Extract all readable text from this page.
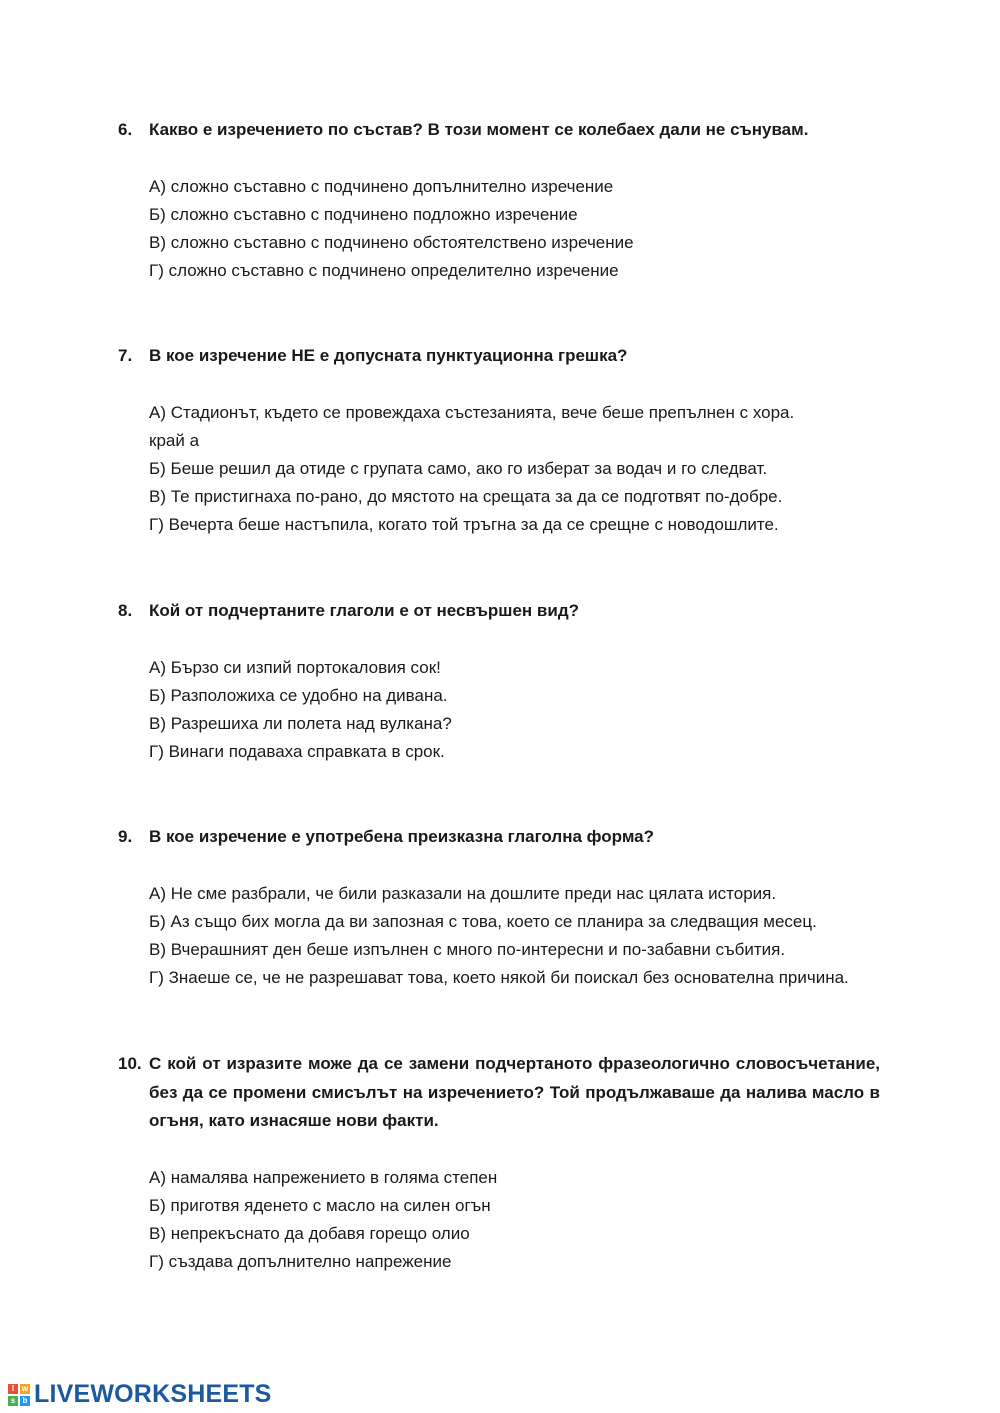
6. Какво е изречението по състав? В този момент се колебаех дали не сънувам.
А) сложно съставно с подчинено допълнително изречение
Б) сложно съставно с подчинено подложно изречение
В) сложно съставно с подчинено обстоятелствено изречение
Г) сложно съставно с подчинено определително изречение
7. В кое изречение НЕ е допусната пунктуационна грешка?
А) Стадионът, където се провеждаха състезанията, вече беше препълнен с хора.
край а
Б) Беше решил да отиде с групата само, ако го изберат за водач и го следват.
В) Те пристигнаха по-рано, до мястото на срещата за да се подготвят по-добре.
Г) Вечерта беше настъпила, когато той тръгна за да се срещне с новодошлите.
8. Кой от подчертаните глаголи е от несвършен вид?
А) Бързо си изпий портокаловия сок!
Б) Разположиха се удобно на дивана.
В) Разрешиха ли полета над вулкана?
Г) Винаги подаваха справката в срок.
9. В кое изречение е употребена преизказна глаголна форма?
А) Не сме разбрали, че били разказали на дошлите преди нас цялата история.
Б) Аз също бих могла да ви запозная с това, което се планира за следващия месец.
В) Вчерашният ден беше изпълнен с много по-интересни и по-забавни събития.
Г) Знаеше се, че не разрешават това, което някой би поискал без основателна причина.
10. С кой от изразите може да се замени подчертаното фразеологично словосъчетание, без да се промени смисълът на изречението? Той продължаваше да налива масло в огъня, като изнасяше нови факти.
А) намалява напрежението в голяма степен
Б) приготвя яденето с масло на силен огън
В) непрекъснато да добавя горещо олио
Г) създава допълнително напрежение
l w
s b LIVEWORKSHEETS
